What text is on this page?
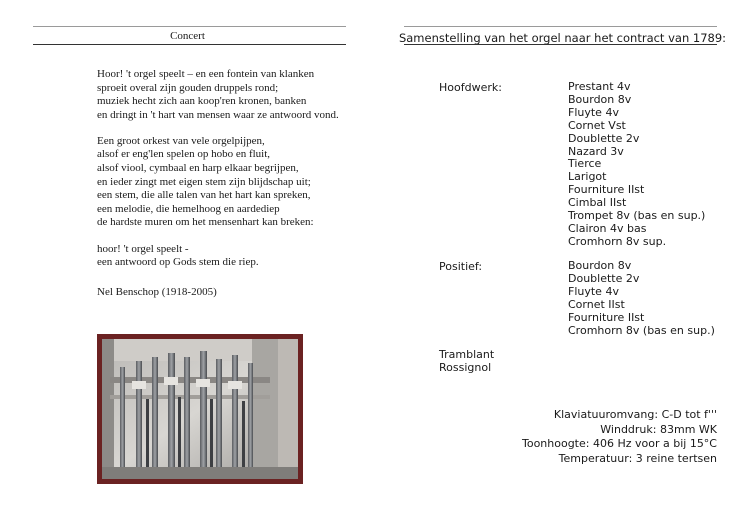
Concert
Hoor! 't orgel speelt – en een fontein van klanken
sproeit overal zijn gouden druppels rond;
muziek hecht zich aan koop'ren kronen, banken
en dringt in 't hart van mensen waar ze antwoord vond.
Een groot orkest van vele orgelpijpen,
alsof er eng'len spelen op hobo en fluit,
alsof viool, cymbaal en harp elkaar begrijpen,
en ieder zingt met eigen stem zijn blijdschap uit;
een stem, die alle talen van het hart kan spreken,
een melodie, die hemelhoog en aardediep
de hardste muren om het mensenhart kan breken:
hoor! 't orgel speelt -
een antwoord op Gods stem die riep.
Nel Benschop (1918-2005)
Samenstelling van het orgel naar het contract van 1789:
Hoofdwerk:	Prestant 4v
Bourdon 8v
Fluyte 4v
Cornet Vst
Doublette 2v
Nazard 3v
Tierce
Larigot
Fourniture IIst
Cimbal IIst
Trompet 8v (bas en sup.)
Clairon 4v bas
Cromhorn 8v sup.
Positief:	Bourdon 8v
Doublette 2v
Fluyte 4v
Cornet IIst
Fourniture IIst
Cromhorn 8v (bas en sup.)
Tramblant
Rossignol
Klaviatuuromvang: C-D tot f'''
Winddruk: 83mm WK
Toonhoogte: 406 Hz voor a bij 15°C
Temperatuur: 3 reine tertsen
